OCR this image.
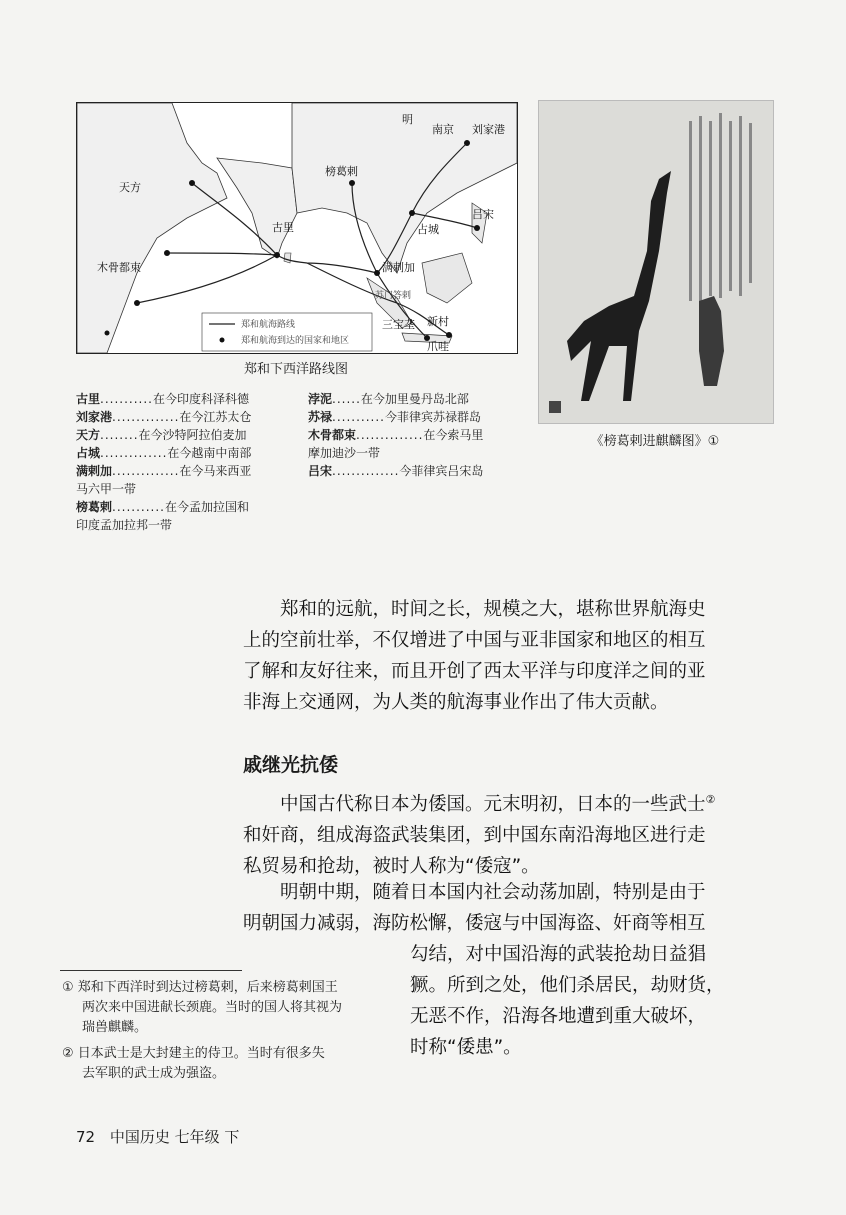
南京 刘家港
明
榜葛剌
天方
古里
木骨都束
占城
吕宋
满剌加
三宝垄 新村
爪哇
苏门答剌
郑和航海路线
郑和航海到达的国家和地区
郑和下西洋路线图
《榜葛剌进麒麟图》①
古里...........在今印度科泽科德
刘家港..............在今江苏太仓
天方........在今沙特阿拉伯麦加
占城..............在今越南中南部
满剌加..............在今马来西亚
马六甲一带
榜葛剌...........在今孟加拉国和
印度孟加拉邦一带
浡泥......在今加里曼丹岛北部
苏禄...........今菲律宾苏禄群岛
木骨都束..............在今索马里
摩加迪沙一带
吕宋..............今菲律宾吕宋岛
郑和的远航，时间之长，规模之大，堪称世界航海史
上的空前壮举，不仅增进了中国与亚非国家和地区的相互
了解和友好往来，而且开创了西太平洋与印度洋之间的亚
非海上交通网，为人类的航海事业作出了伟大贡献。
戚继光抗倭
中国古代称日本为倭国。元末明初，日本的一些武士②
和奸商，组成海盗武装集团，到中国东南沿海地区进行走
私贸易和抢劫，被时人称为“倭寇”。
明朝中期，随着日本国内社会动荡加剧，特别是由于
明朝国力减弱，海防松懈，倭寇与中国海盗、奸商等相互
勾结，对中国沿海的武装抢劫日益猖
獗。所到之处，他们杀居民，劫财货，
无恶不作，沿海各地遭到重大破坏，
时称“倭患”。
① 郑和下西洋时到达过榜葛剌，后来榜葛剌国王
两次来中国进献长颈鹿。当时的国人将其视为
瑞兽麒麟。
② 日本武士是大封建主的侍卫。当时有很多失
去军职的武士成为强盗。
72 中国历史 七年级 下
